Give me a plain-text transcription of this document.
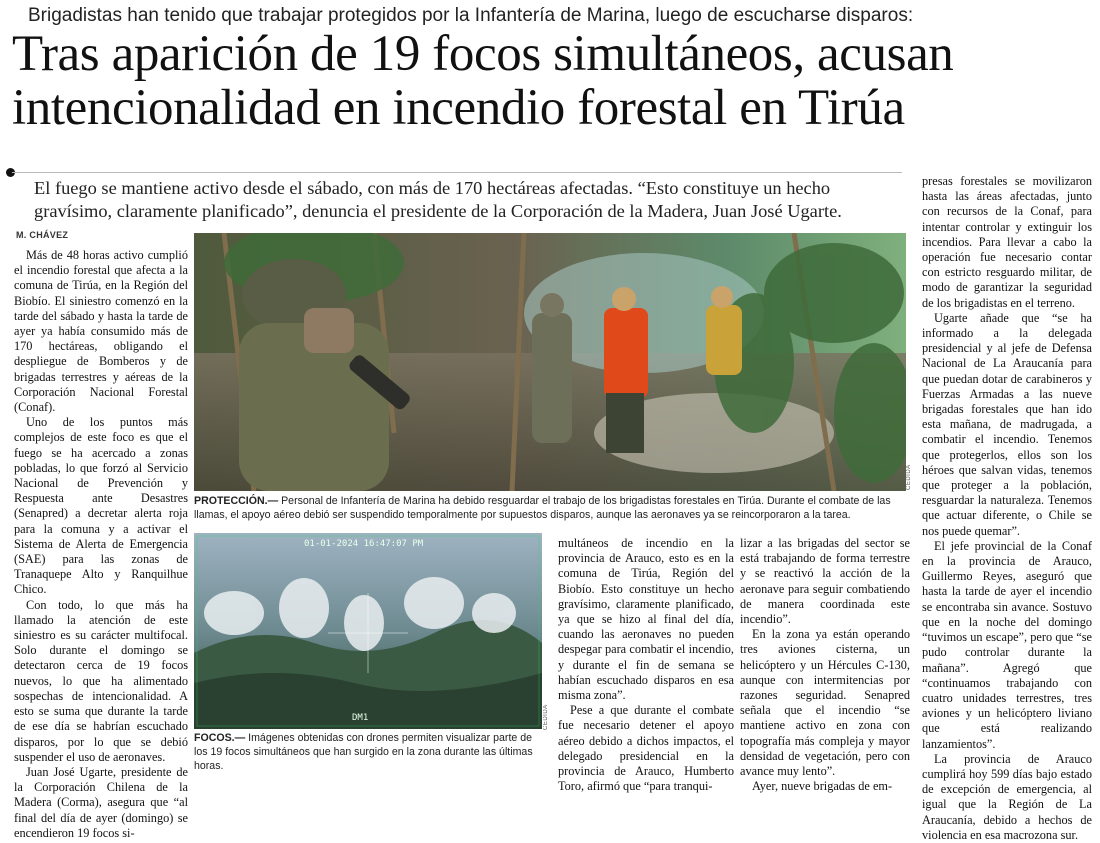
Brigadistas han tenido que trabajar protegidos por la Infantería de Marina, luego de escucharse disparos:
Tras aparición de 19 focos simultáneos, acusan
intencionalidad en incendio forestal en Tirúa
El fuego se mantiene activo desde el sábado, con más de 170 hectáreas afectadas. “Esto constituye un hecho
gravísimo, claramente planificado”, denuncia el presidente de la Corporación de la Madera, Juan José Ugarte.
M. CHÁVEZ

Más de 48 horas activo cumplió el incendio forestal que afecta a la comuna de Tirúa, en la Región del Biobío. El siniestro comenzó en la tarde del sábado y hasta la tarde de ayer ya había consumido más de 170 hectáreas, obligando el despliegue de Bomberos y de brigadas terrestres y aéreas de la Corporación Nacional Forestal (Conaf).

Uno de los puntos más complejos de este foco es que el fuego se ha acercado a zonas pobladas, lo que forzó al Servicio Nacional de Prevención y Respuesta ante Desastres (Senapred) a decretar alerta roja para la comuna y a activar el Sistema de Alerta de Emergencia (SAE) para las zonas de Tranaquepe Alto y Ranquilhue Chico.

Con todo, lo que más ha llamado la atención de este siniestro es su carácter multifocal. Solo durante el domingo se detectaron cerca de 19 focos nuevos, lo que ha alimentado sospechas de intencionalidad. A esto se suma que durante la tarde de ese día se habrían escuchado disparos, por lo que se debió suspender el uso de aeronaves.

Juan José Ugarte, presidente de la Corporación Chilena de la Madera (Corma), asegura que “al final del día de ayer (domingo) se encendieron 19 focos si-

CEDIDA
PROTECCIÓN.— Personal de Infantería de Marina ha debido resguardar el trabajo de los brigadistas forestales en Tirúa. Durante el combate de las llamas, el apoyo aéreo debió ser suspendido temporalmente por supuestos disparos, aunque las aeronaves ya se reincorporaron a la tarea.
01-01-2024 16:47:07 PM
DM1	CEDIDA
FOCOS.— Imágenes obtenidas con drones permiten visualizar parte de los 19 focos simultáneos que han surgido en la zona durante las últimas horas.

multáneos de incendio en la provincia de Arauco, esto es en la comuna de Tirúa, Región del Biobío. Esto constituye un hecho gravísimo, claramente planificado, ya que se hizo al final del día, cuando las aeronaves no pueden despegar para combatir el incendio, y durante el fin de semana se habían escuchado disparos en esa misma zona”.

Pese a que durante el combate fue necesario detener el apoyo aéreo debido a dichos impactos, el delegado presidencial en la provincia de Arauco, Humberto Toro, afirmó que “para tranqui-

lizar a las brigadas del sector se está trabajando de forma terrestre y se reactivó la acción de la aeronave para seguir combatiendo de manera coordinada este incendio”.

En la zona ya están operando tres aviones cisterna, un helicóptero y un Hércules C-130, aunque con intermitencias por razones seguridad. Senapred señala que el incendio “se mantiene activo en zona con topografía más compleja y mayor densidad de vegetación, pero con avance muy lento”.

Ayer, nueve brigadas de em-

presas forestales se movilizaron hasta las áreas afectadas, junto con recursos de la Conaf, para intentar controlar y extinguir los incendios. Para llevar a cabo la operación fue necesario contar con estricto resguardo militar, de modo de garantizar la seguridad de los brigadistas en el terreno.

Ugarte añade que “se ha informado a la delegada presidencial y al jefe de Defensa Nacional de La Araucanía para que puedan dotar de carabineros y Fuerzas Armadas a las nueve brigadas forestales que han ido esta mañana, de madrugada, a combatir el incendio. Tenemos que protegerlos, ellos son los héroes que salvan vidas, tenemos que proteger a la población, resguardar la naturaleza. Tenemos que actuar diferente, o Chile se nos puede quemar”.

El jefe provincial de la Conaf en la provincia de Arauco, Guillermo Reyes, aseguró que hasta la tarde de ayer el incendio se encontraba sin avance. Sostuvo que en la noche del domingo “tuvimos un escape”, pero que “se pudo controlar durante la mañana”. Agregó que “continuamos trabajando con cuatro unidades terrestres, tres aviones y un helicóptero liviano que está realizando lanzamientos”.

La provincia de Arauco cumplirá hoy 599 días bajo estado de excepción de emergencia, al igual que la Región de La Araucanía, debido a hechos de violencia en esa macrozona sur.
